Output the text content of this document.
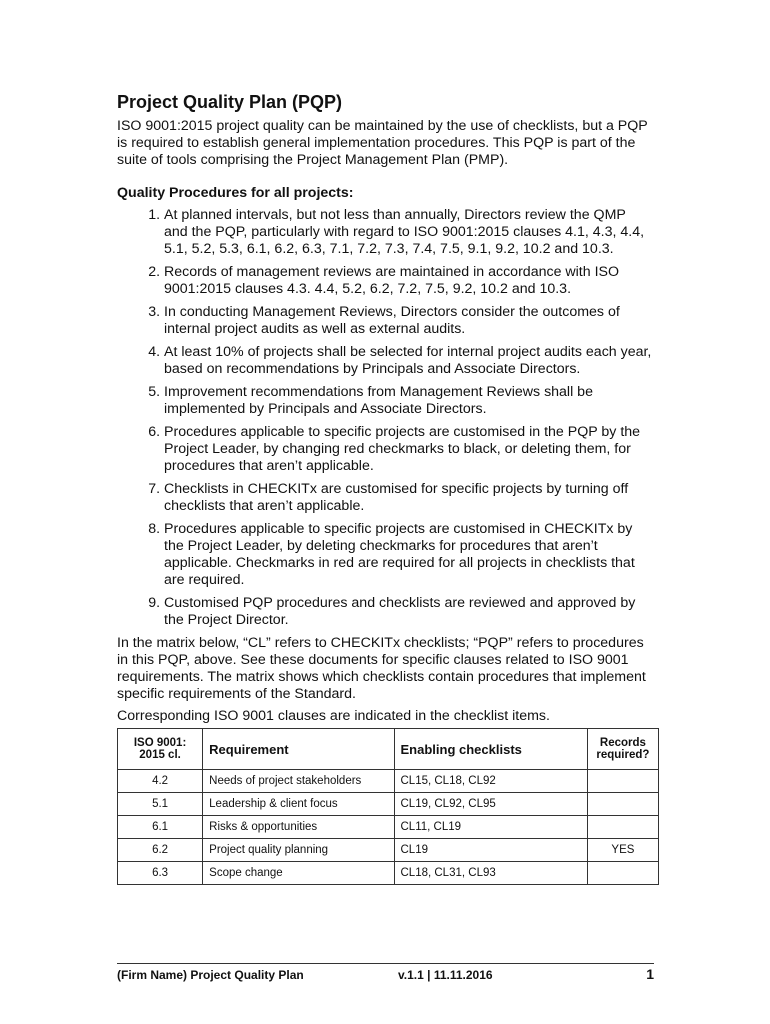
Project Quality Plan (PQP)

ISO 9001:2015 project quality can be maintained by the use of checklists, but a PQP is required to establish general implementation procedures. This PQP is part of the suite of tools comprising the Project Management Plan (PMP).

Quality Procedures for all projects:
1. At planned intervals, but not less than annually, Directors review the QMP and the PQP, particularly with regard to ISO 9001:2015 clauses 4.1, 4.3, 4.4, 5.1, 5.2, 5.3, 6.1, 6.2, 6.3, 7.1, 7.2, 7.3, 7.4, 7.5, 9.1, 9.2, 10.2 and 10.3.
2. Records of management reviews are maintained in accordance with ISO 9001:2015 clauses 4.3. 4.4, 5.2, 6.2, 7.2, 7.5, 9.2, 10.2 and 10.3.
3. In conducting Management Reviews, Directors consider the outcomes of internal project audits as well as external audits.
4. At least 10% of projects shall be selected for internal project audits each year, based on recommendations by Principals and Associate Directors.
5. Improvement recommendations from Management Reviews shall be implemented by Principals and Associate Directors.
6. Procedures applicable to specific projects are customised in the PQP by the Project Leader, by changing red checkmarks to black, or deleting them, for procedures that aren’t applicable.
7. Checklists in CHECKITx are customised for specific projects by turning off checklists that aren’t applicable.
8. Procedures applicable to specific projects are customised in CHECKITx by the Project Leader, by deleting checkmarks for procedures that aren’t applicable. Checkmarks in red are required for all projects in checklists that are required.
9. Customised PQP procedures and checklists are reviewed and approved by the Project Director.

In the matrix below, “CL” refers to CHECKITx checklists; “PQP” refers to procedures in this PQP, above. See these documents for specific clauses related to ISO 9001 requirements. The matrix shows which checklists contain procedures that implement specific requirements of the Standard.

Corresponding ISO 9001 clauses are indicated in the checklist items.

ISO 9001: 2015 cl.	Requirement	Enabling checklists	Records required?
4.2	Needs of project stakeholders	CL15, CL18, CL92	
5.1	Leadership & client focus	CL19, CL92, CL95	
6.1	Risks & opportunities	CL11, CL19	
6.2	Project quality planning	CL19	YES
6.3	Scope change	CL18, CL31, CL93	
(Firm Name) Project Quality Plan	v.1.1 | 11.11.2016	1
